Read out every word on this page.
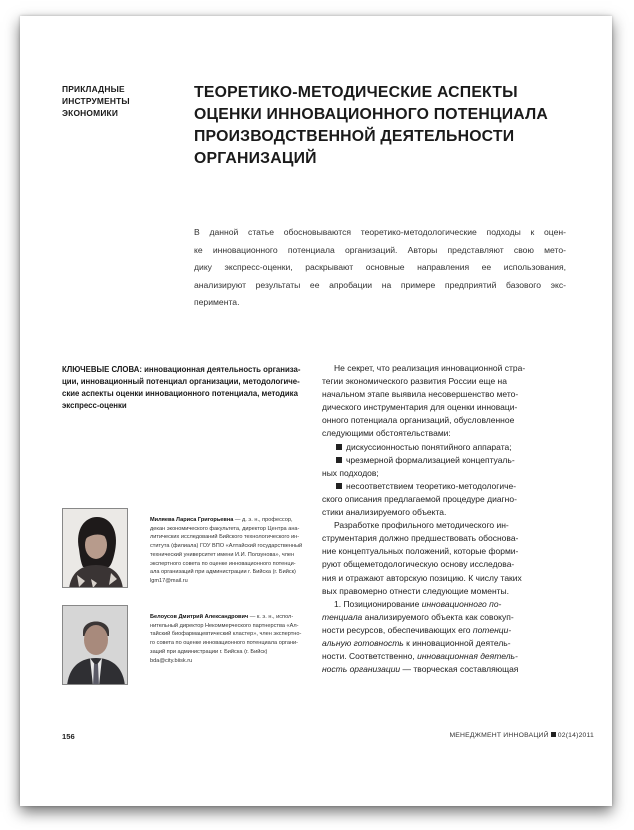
ПРИКЛАДНЫЕ
ИНСТРУМЕНТЫ
ЭКОНОМИКИ
ТЕОРЕТИКО-МЕТОДИЧЕСКИЕ АСПЕКТЫ
ОЦЕНКИ ИННОВАЦИОННОГО ПОТЕНЦИАЛА
ПРОИЗВОДСТВЕННОЙ ДЕЯТЕЛЬНОСТИ
ОРГАНИЗАЦИЙ
В данной статье обосновываются теоретико-методологические подходы к оцен-
ке инновационного потенциала организаций. Авторы представляют свою мето-
дику экспресс-оценки, раскрывают основные направления ее использования,
анализируют результаты ее апробации на примере предприятий базового экс-
перимента.
КЛЮЧЕВЫЕ СЛОВА: инновационная деятельность организа-
ции, инновационный потенциал организации, методологиче-
ские аспекты оценки инновационного потенциала, методика
экспресс-оценки
Миляева Лариса Григорьевна — д. э. н., профессор,
декан экономического факультета, директор Центра ана-
литических исследований Бийского технологического ин-
ститута (филиала) ГОУ ВПО «Алтайский государственный
технический университет имени И.И. Ползунова», член
экспертного совета по оценке инновационного потенци-
ала организаций при администрации г. Бийска (г. Бийск)
lgm17@mail.ru
Белоусов Дмитрий Александрович — к. э. н., испол-
нительный директор Некоммерческого партнерства «Ал-
тайский биофармацевтический кластер», член экспертно-
го совета по оценке инновационного потенциала органи-
заций при администрации г. Бийска (г. Бийск)
bda@city.biisk.ru
Не секрет, что реализация инновационной стра-
тегии экономического развития России еще на
начальном этапе выявила несовершенство мето-
дического инструментария для оценки инноваци-
онного потенциала организаций, обусловленное
следующими обстоятельствами:
дискуссионностью понятийного аппарата;
чрезмерной формализацией концептуаль-
ных подходов;
несоответствием теоретико-методологиче-
ского описания предлагаемой процедуре диагно-
стики анализируемого объекта.
Разработке профильного методического ин-
струментария должно предшествовать обоснова-
ние концептуальных положений, которые форми-
руют общеметодологическую основу исследова-
ния и отражают авторскую позицию. К числу таких
вых правомерно отнести следующие моменты.
1. Позиционирование инновационного по-
тенциала анализируемого объекта как совокуп-
ности ресурсов, обеспечивающих его потенци-
альную готовность к инновационной деятель-
ности. Соответственно, инновационная деятель-
ность организации — творческая составляющая
156	МЕНЕДЖМЕНТ ИННОВАЦИЙ 02(14)2011
